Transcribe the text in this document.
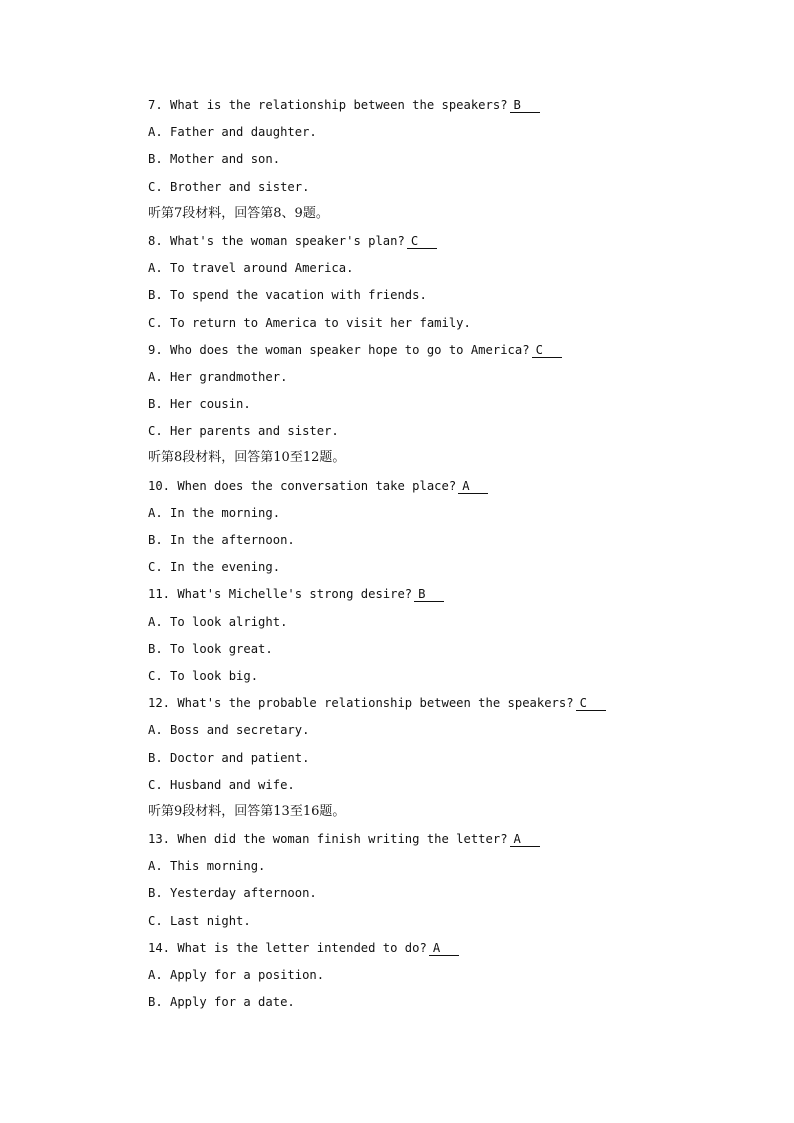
7. What is the relationship between the speakers? B
A. Father and daughter.
B. Mother and son.
C. Brother and sister.
听第7段材料，回答第8、9题。
8. What's the woman speaker's plan? C
A. To travel around America.
B. To spend the vacation with friends.
C. To return to America to visit her family.
9. Who does the woman speaker hope to go to America? C
A. Her grandmother.
B. Her cousin.
C. Her parents and sister.
听第8段材料，回答第10至12题。
10. When does the conversation take place? A
A. In the morning.
B. In the afternoon.
C. In the evening.
11. What's Michelle's strong desire? B
A. To look alright.
B. To look great.
C. To look big.
12. What's the probable relationship between the speakers? C
A. Boss and secretary.
B. Doctor and patient.
C. Husband and wife.
听第9段材料，回答第13至16题。
13. When did the woman finish writing the letter? A
A. This morning.
B. Yesterday afternoon.
C. Last night.
14. What is the letter intended to do? A
A. Apply for a position.
B. Apply for a date.
